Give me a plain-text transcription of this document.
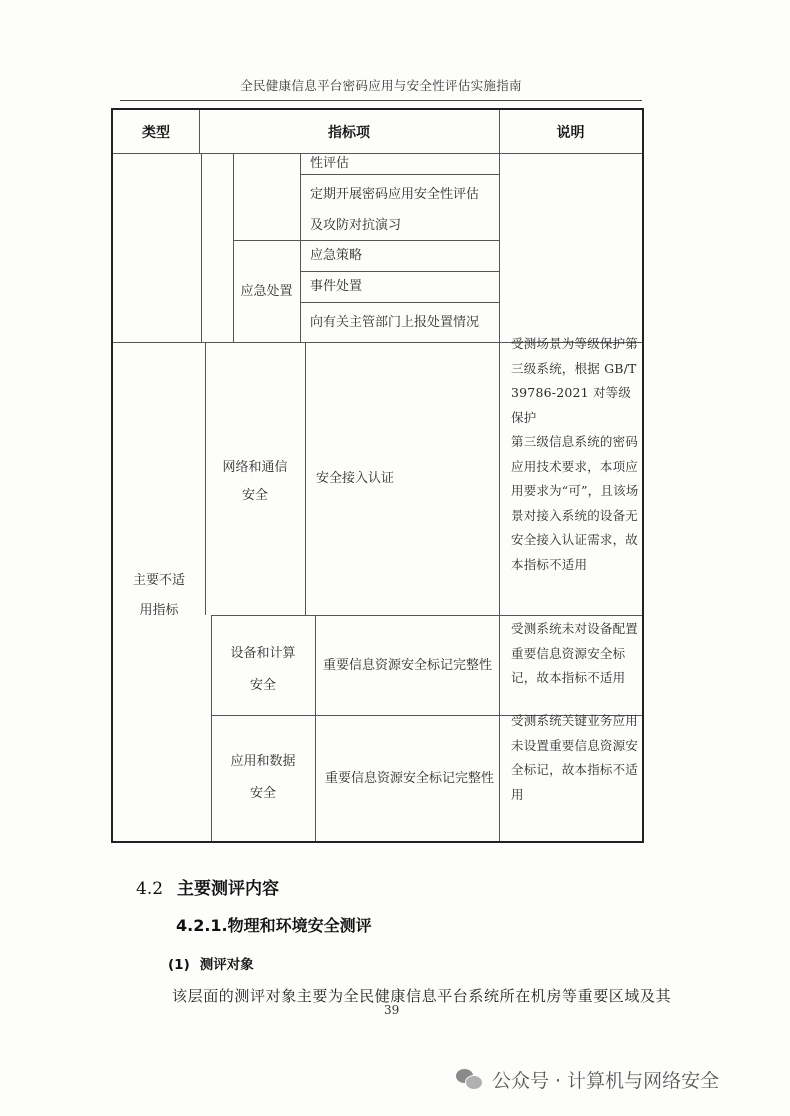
全民健康信息平台密码应用与安全性评估实施指南
类型	指标项	说明
性评估
定期开展密码应用安全性评估
及攻防对抗演习
应急处置
应急策略
事件处置
向有关主管部门上报处置情况
主要不适
用指标
网络和通信
安全
安全接入认证
受测场景为等级保护第
三级系统，根据 GB/T
39786-2021 对等级保护
第三级信息系统的密码
应用技术要求，本项应
用要求为“可”，且该场
景对接入系统的设备无
安全接入认证需求，故
本指标不适用
设备和计算
安全
重要信息资源安全标记完整性
受测系统未对设备配置
重要信息资源安全标
记，故本指标不适用
应用和数据
安全
重要信息资源安全标记完整性
受测系统关键业务应用
未设置重要信息资源安
全标记，故本指标不适
用
4.2 主要测评内容
4.2.1.物理和环境安全测评
(1) 测评对象
该层面的测评对象主要为全民健康信息平台系统所在机房等重要区域及其
39
公众号 · 计算机与网络安全
